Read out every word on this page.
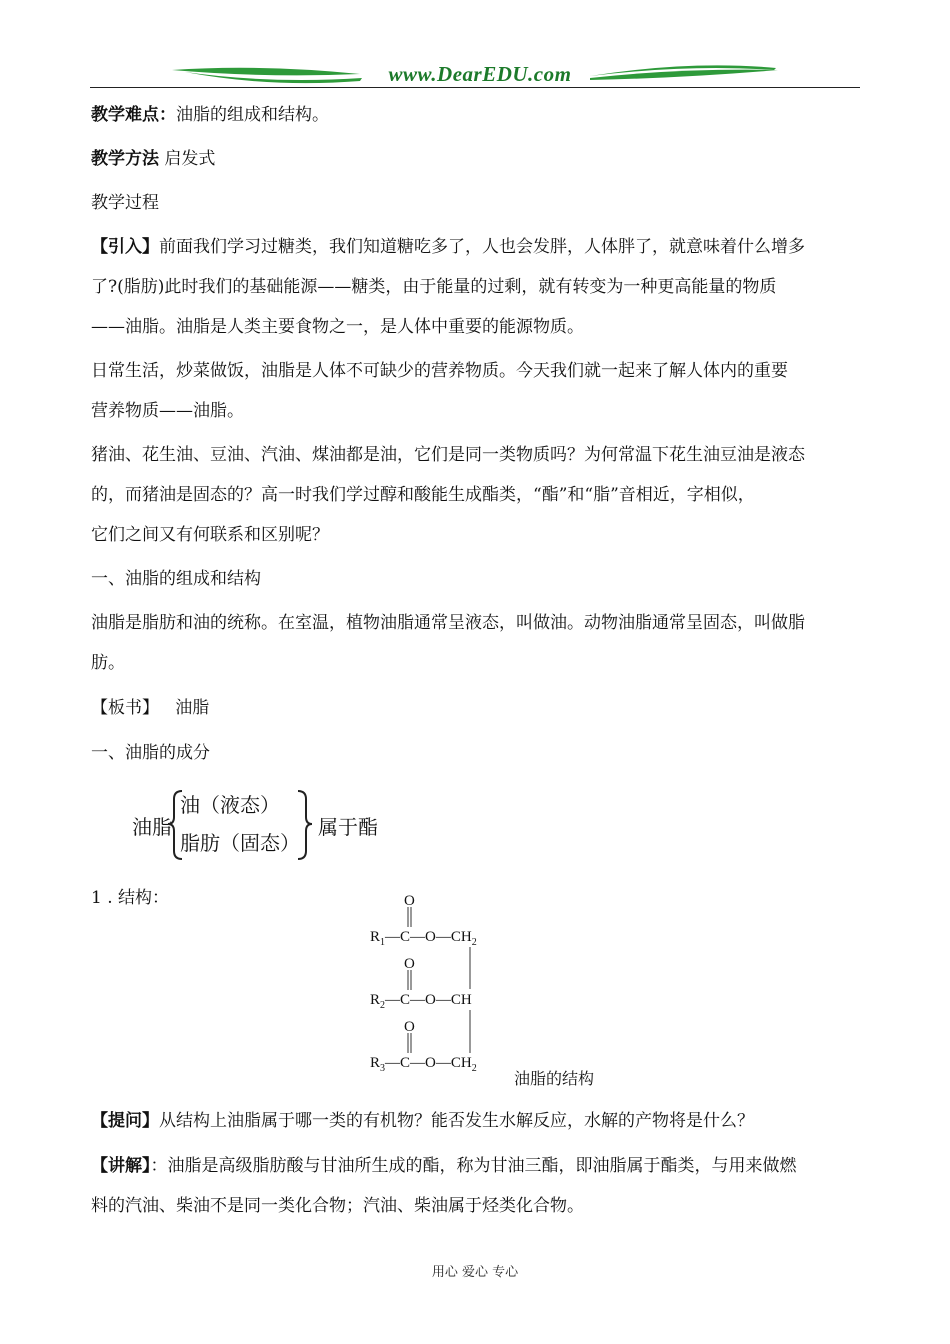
www.DearEDU.com
教学难点：油脂的组成和结构。
教学方法 启发式
教学过程
【引入】前面我们学习过糖类，我们知道糖吃多了，人也会发胖，人体胖了，就意味着什么增多
了?(脂肪)此时我们的基础能源——糖类，由于能量的过剩，就有转变为一种更高能量的物质
——油脂。油脂是人类主要食物之一，是人体中重要的能源物质。
日常生活，炒菜做饭，油脂是人体不可缺少的营养物质。今天我们就一起来了解人体内的重要
营养物质——油脂。
猪油、花生油、豆油、汽油、煤油都是油，它们是同一类物质吗？为何常温下花生油豆油是液态
的，而猪油是固态的？高一时我们学过醇和酸能生成酯类，“酯”和“脂”音相近，字相似，
它们之间又有何联系和区别呢？
一、油脂的组成和结构
油脂是脂肪和油的统称。在室温，植物油脂通常呈液态，叫做油。动物油脂通常呈固态，叫做脂
肪。
【板书】   油脂
一、油脂的成分
油脂
油（液态）
脂肪（固态）
属于酯
1 . 结构：	O
$R_1—C—O—CH_2$
O
$R_2—C—O—CH$
O
$R_3—C—O—CH_2$
油脂的结构
【提问】从结构上油脂属于哪一类的有机物？能否发生水解反应，水解的产物将是什么？
【讲解】：油脂是高级脂肪酸与甘油所生成的酯，称为甘油三酯，即油脂属于酯类，与用来做燃
料的汽油、柴油不是同一类化合物；汽油、柴油属于烃类化合物。
用心 爱心 专心
